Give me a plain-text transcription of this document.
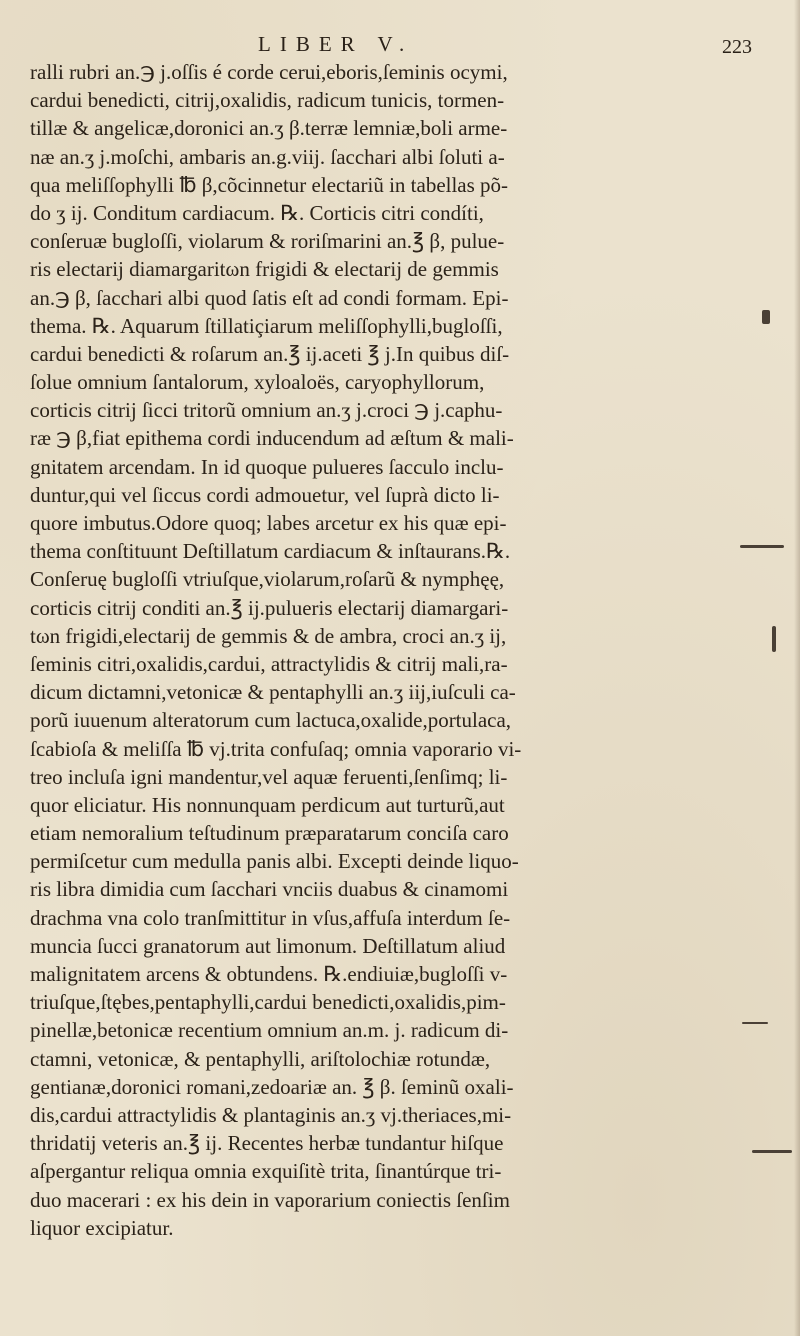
LIBER V.	223
ralli rubri an.℈ j.oſſis é corde cerui,eboris,ſeminis ocymi,
cardui benedicti, citrij,oxalidis, radicum tunicis, tormen-
tillæ & angelicæ,doronici an.ʒ β.terræ lemniæ,boli arme-
næ an.ʒ j.moſchi, ambaris an.g.viij. ſacchari albi ſoluti a-
qua meliſſophylli ℔ β,cõcinnetur electariũ in tabellas põ-
do ʒ ij. Conditum cardiacum. ℞. Corticis citri condíti,
conſeruæ bugloſſi, violarum & roriſmarini an.℥ β, pulue-
ris electarij diamargaritωn frigidi & electarij de gemmis
an.℈ β, ſacchari albi quod ſatis eſt ad condi formam. Epi-
thema. ℞. Aquarum ſtillatiçiarum meliſſophylli,bugloſſi,
cardui benedicti & roſarum an.℥ ij.aceti ℥ j.In quibus diſ-
ſolue omnium ſantalorum, xyloaloës, caryophyllorum,
corticis citrij ſicci tritorũ omnium an.ʒ j.croci ℈ j.caphu-
ræ ℈ β,fiat epithema cordi inducendum ad æſtum & mali-
gnitatem arcendam. In id quoque pulueres ſacculo inclu-
duntur,qui vel ſiccus cordi admouetur, vel ſuprà dicto li-
quore imbutus.Odore quoq; labes arcetur ex his quæ epi-
thema conſtituunt Deſtillatum cardiacum & inſtaurans.℞.
Conſeruę bugloſſi vtriuſque,violarum,roſarũ & nymphęę,
corticis citrij conditi an.℥ ij.pulueris electarij diamargari-
tωn frigidi,electarij de gemmis & de ambra, croci an.ʒ ij,
ſeminis citri,oxalidis,cardui, attractylidis & citrij mali,ra-
dicum dictamni,vetonicæ & pentaphylli an.ʒ iij,iuſculi ca-
porũ iuuenum alteratorum cum lactuca,oxalide,portulaca,
ſcabioſa & meliſſa ℔ vj.trita confuſaq; omnia vaporario vi-
treo incluſa igni mandentur,vel aquæ feruenti,ſenſimq; li-
quor eliciatur. His nonnunquam perdicum aut turturũ,aut
etiam nemoralium teſtudinum præparatarum conciſa caro
permiſcetur cum medulla panis albi. Excepti deinde liquo-
ris libra dimidia cum ſacchari vnciis duabus & cinamomi
drachma vna colo tranſmittitur in vſus,affuſa interdum ſe-
muncia ſucci granatorum aut limonum. Deſtillatum aliud
malignitatem arcens & obtundens. ℞.endiuiæ,bugloſſi v-
triuſque,ſtębes,pentaphylli,cardui benedicti,oxalidis,pim-
pinellæ,betonicæ recentium omnium an.m. j. radicum di-
ctamni, vetonicæ, & pentaphylli, ariſtolochiæ rotundæ,
gentianæ,doronici romani,zedoariæ an. ℥ β. ſeminũ oxali-
dis,cardui attractylidis & plantaginis an.ʒ vj.theriaces,mi-
thridatij veteris an.℥ ij. Recentes herbæ tundantur hiſque
aſpergantur reliqua omnia exquiſitè trita, ſinantúrque tri-
duo macerari : ex his dein in vaporarium coniectis ſenſim
liquor excipiatur.
